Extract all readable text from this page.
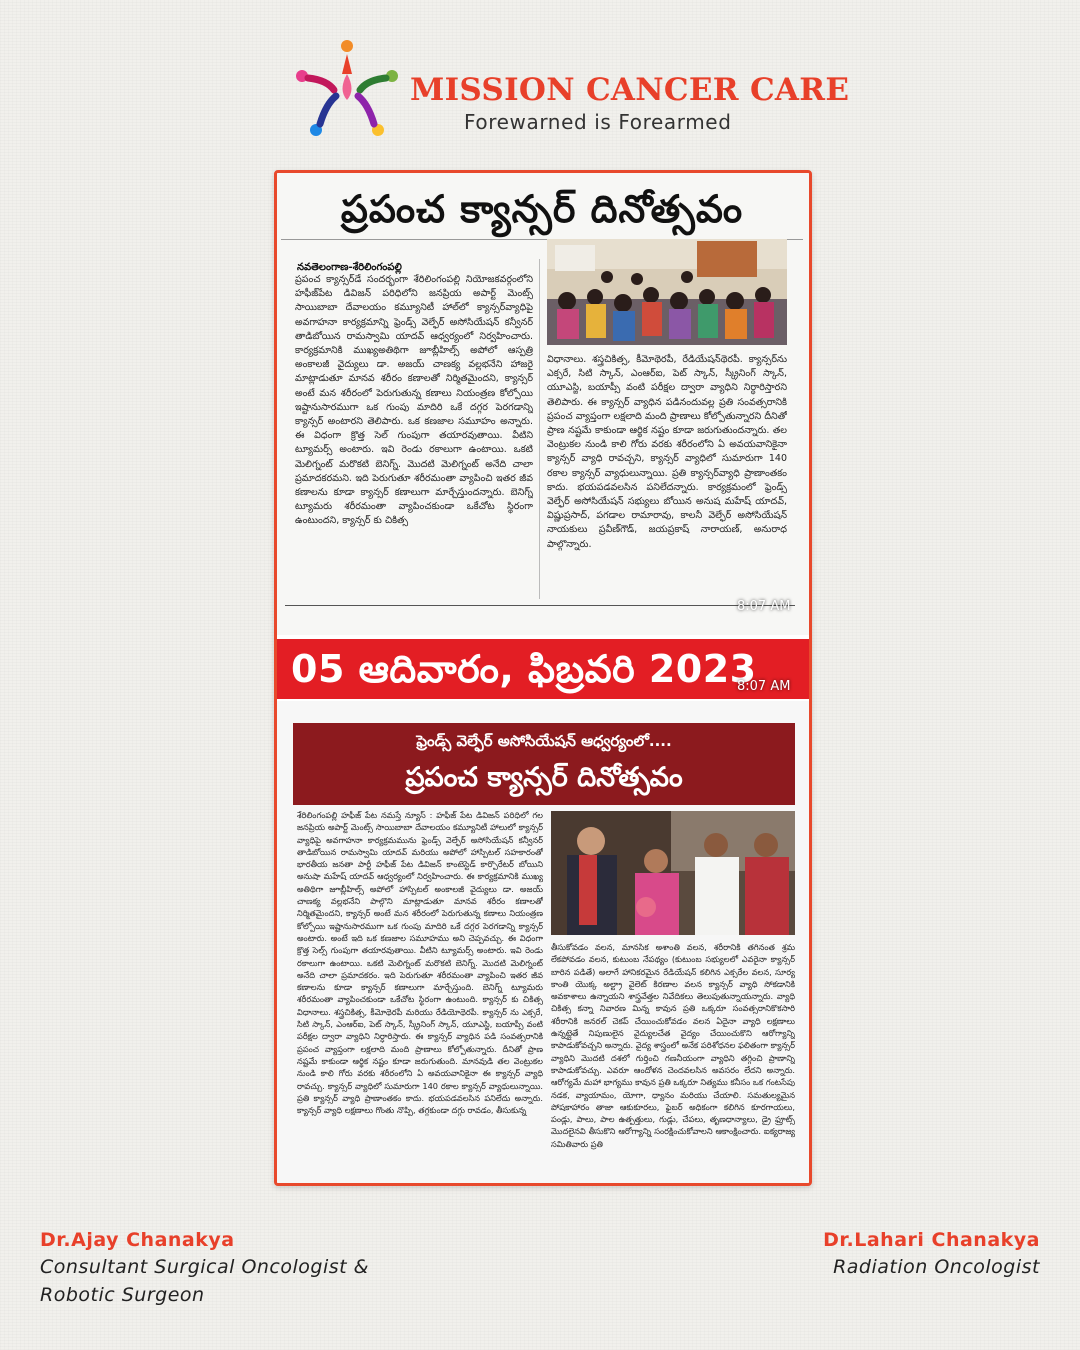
MISSION CANCER CARE
Forewarned is Forearmed
ప్రపంచ క్యాన్సర్ దినోత్సవం
నవతెలంగాణ-శేరిలింగంపల్లి
ప్రపంచ క్యాన్సర్‌డే సందర్భంగా శేరిలింగంపల్లి నియోజకవర్గంలోని హఫీజ్‌పేట డివిజన్ పరిధిలోని జనప్రియ అపార్ట్ మెంట్స్ సాయిబాబా దేవాలయం కమ్యూనిటీ హాల్‌లో క్యాన్సర్‌వ్యాధిపై అవగాహనా కార్యక్రమాన్ని ఫ్రెండ్స్ వెల్ఫేర్ అసోసియేషన్ కన్వీనర్ తాడిబోయిన రామస్వామి యాదవ్ ఆధ్వర్యంలో నిర్వహించారు. కార్యక్రమానికి ముఖ్యఅతిథిగా జూబ్లీహిల్స్ అపోలో ఆస్పత్రి అంకాలజీ వైద్యులు డా. అజయ్ చాణక్య వల్లభనేని హాజరై మాట్లాడుతూ మానవ శరీరం కణాలతో నిర్మితమైందని, క్యాన్సర్ అంటే మన శరీరంలో పెరుగుతున్న కణాలు నియంత్రణ కోల్పోయి ఇష్టానుసారముగా ఒక గుంపు మాదిరి ఒకే దగ్గర పెరగడాన్ని క్యాన్సర్ అంటారని తెలిపారు. ఒక కణజాల సమూహం అన్నారు. ఈ విధంగా క్రొత్త సెల్ గుంపుగా తయారవుతాయి. వీటిని ట్యూమర్స్ అంటారు. ఇవి రెండు రకాలుగా ఉంటాయి. ఒకటి మెలిగ్నంట్ మరొకటి బెనిగ్న్. మొదటి మెలిగ్నంట్ అనేది చాలా ప్రమాదకరమని. ఇది పెరుగుతూ శరీరమంతా వ్యాపించి ఇతర జీవ కణాలను కూడా క్యాన్సర్ కణాలుగా మార్చేస్తుందన్నారు. బెనిగ్న్ ట్యూమరు శరీరమంతా వ్యాపించకుండా ఒకేచోట స్థిరంగా ఉంటుందని, క్యాన్సర్ కు చికిత్స
విధానాలు. శస్త్రచికిత్స, కీమోథెరపీ, రేడియేషన్‌థెరపీ. క్యాన్సర్‌ను ఎక్సరే, సిటి స్కాన్, ఎంఆర్ఐ, పెట్ స్కాన్, స్క్రీనింగ్ స్కాన్, యూఎస్జి, బయాప్సీ వంటి పరీక్షల ద్వారా వ్యాధిని నిర్ధారిస్తారని తెలిపారు. ఈ క్యాన్సర్ వ్యాధిన పడినందువల్ల ప్రతి సంవత్సరానికి ప్రపంచ వ్యాప్తంగా లక్షలాది మంది ప్రాణాలు కోల్పోతున్నారని దీనితో ప్రాణ నష్టమే కాకుండా ఆర్థిక నష్టం కూడా జరుగుతుందన్నారు. తల వెంట్రుకల నుండి కాలి గోరు వరకు శరీరంలోని ఏ అవయవానికైనా క్యాన్సర్ వ్యాధి రావచ్చని, క్యాన్సర్ వ్యాధిలో సుమారుగా 140 రకాల క్యాన్సర్ వ్యాధులున్నాయి. ప్రతి క్యాన్సర్‌వ్యాధి ప్రాణాంతకం కాదు. భయపడవలసిన పనిలేదన్నారు. కార్యక్రమంలో ఫ్రెండ్స్ వెల్ఫేర్ అసోసియేషన్ సభ్యులు బోయిన అనుష మహేష్ యాదవ్, విష్ణుప్రసాద్, పగడాల రామారావు, కాలనీ వెల్ఫేర్ అసోసియేషన్ నాయకులు ప్రవీణ్‌గౌడ్, జయప్రకాష్ నారాయణ్, అనురాధ పాల్గొన్నారు.
8:07 AM
05 ఆదివారం, ఫిబ్రవరి 2023
8:07 AM
ఫ్రెండ్స్ వెల్ఫేర్ అసోసియేషన్ ఆధ్వర్యంలో....
ప్రపంచ క్యాన్సర్ దినోత్సవం
శేరిలింగంపల్లి హఫీజ్ పేట నమస్తే న్యూస్ : హఫీజ్ పేట డివిజన్ పరిధిలో గల జనప్రియ అపార్ట్ మెంట్స్ సాయిబాబా దేవాలయం కమ్యూనిటీ హాలులో క్యాన్సర్ వ్యాధిపై అవగాహనా కార్యక్రమమును ఫ్రెండ్స్ వెల్ఫేర్ అసోసియేషన్ కన్వీనర్ తాడిబోయిన రామస్వామి యాదవ్ మరియు అపోలో హాస్పిటల్ సహకారంతో భారతీయ జనతా పార్టీ హఫీజ్ పేట డివిజన్ కాంటెస్టెడ్ కార్పొరేటర్ బోయిని అనుషా మహేష్ యాదవ్ ఆధ్వర్యంలో నిర్వహించారు. ఈ కార్యక్రమానికి ముఖ్య అతిథిగా జూబ్లీహిల్స్ అపోలో హాస్పిటల్ అంకాలజీ వైద్యులు డా. అజయ్ చాణక్య వల్లభనేని పాల్గొని మాట్లాడుతూ మానవ శరీరం కణాలతో నిర్మితమైందని, క్యాన్సర్ అంటే మన శరీరంలో పెరుగుతున్న కణాలు నియంత్రణ కోల్పోయి ఇష్టానుసారముగా ఒక గుంపు మాదిరి ఒకే దగ్గర పెరగడాన్ని క్యాన్సర్ అంటారు. అంటే ఇది ఒక కణజాల సమూహము అని చెప్పవచ్చు. ఈ విధంగా క్రొత్త సెల్స్ గుంపుగా తయారవుతాయి. వీటిని ట్యూమర్స్ అంటారు. ఇవి రెండు రకాలుగా ఉంటాయి. ఒకటి మెలిగ్నంట్ మరొకటి బెనిగ్న్. మొదటి మెలిగ్నంట్ అనేది చాలా ప్రమాదకరం. ఇది పెరుగుతూ శరీరమంతా వ్యాపించి ఇతర జీవ కణాలను కూడా క్యాన్సర్ కణాలుగా మార్చేస్తుంది. బెనిగ్న్ ట్యూమరు శరీరమంతా వ్యాపించకుండా ఒకేచోట స్థిరంగా ఉంటుంది. క్యాన్సర్ కు చికిత్స విధానాలు. శస్త్రచికిత్స, కీమోథెరపీ మరియు రేడియోథెరపీ. క్యాన్సర్ ను ఎక్సరే, సిటి స్కాన్, ఎంఆర్ఐ, పెట్ స్కాన్, స్క్రీనింగ్ స్కాన్, యూఎస్జి, బయాప్సీ వంటి పరీక్షల ద్వారా వ్యాధిని నిర్ధారిస్తారు. ఈ క్యాన్సర్ వ్యాధిన పడి సంవత్సరానికి ప్రపంచ వ్యాప్తంగా లక్షలాది మంది ప్రాణాలు కోల్పోతున్నారు. దీనితో ప్రాణ నష్టమే కాకుండా ఆర్థిక నష్టం కూడా జరుగుతుంది. మానవుడి తల వెంట్రుకల నుండి కాలి గోరు వరకు శరీరంలోని ఏ అవయవానికైనా ఈ క్యాన్సర్ వ్యాధి రావచ్చు. క్యాన్సర్ వ్యాధిలో సుమారుగా 140 రకాల క్యాన్సర్ వ్యాధులున్నాయి. ప్రతి క్యాన్సర్ వ్యాధి ప్రాణాంతకం కాదు. భయపడవలసిన పనిలేదు అన్నారు. క్యాన్సర్ వ్యాధి లక్షణాలు గొంతు నొప్పి, తగ్గకుండా దగ్గు రావడం, తీసుకున్న
తీసుకోవడం వలన, మానసిక అశాంతి వలన, శరీరానికి తగినంత శ్రమ లేకపోవడం వలన, కుటుంబ నేపథ్యం (కుటుంబ సభ్యులలో ఎవరైనా క్యాన్సర్ బారిన పడితే) అలాగే హానికరమైన రేడియేషన్ కలిగిన ఎక్సరేల వలన, సూర్య కాంతి యొక్క అల్ట్రా వైలెట్ కిరణాల వలన క్యాన్సర్ వ్యాధి సోకడానికి అవకాశాలు ఉన్నాయని శాస్త్రవేత్తల నివేదికలు తెలుపుతున్నాయన్నారు. వ్యాధి చికిత్స కన్నా నివారణ మిన్న కావున ప్రతి ఒక్కరూ సంవత్సరానికొకసారి శరీరానికి జనరల్ చెకప్ చేయించుకోవడం వలన ఏదైనా వ్యాధి లక్షణాలు ఉన్నట్లైతే నిపుణులైన వైద్యులచేత వైద్యం చేయించుకొని ఆరోగ్యాన్ని కాపాడుకోవచ్చని అన్నారు. వైద్య శాస్త్రంలో అనేక పరిశోధనల ఫలితంగా క్యాన్సర్ వ్యాధిని మొదటి దశలో గుర్తించి గణనీయంగా వ్యాధిని తగ్గించి ప్రాణాన్ని కాపాడుకోవచ్చు. ఎవరూ ఆందోళన చెందవలసిన అవసరం లేదని అన్నారు. ఆరోగ్యమే మహా భాగ్యము కావున ప్రతి ఒక్కరూ నిత్యము కనీసం ఒక గంటసేపు నడక, వ్యాయామం, యోగా, ధ్యానం మరియు చేయాలి. సమతుల్యమైన పోషకాహారం తాజా ఆకుకూరలు, ఫైబర్ అధికంగా కలిగిన కూరగాయలు, పండ్లు, పాలు, పాల ఉత్పత్తులు, గుడ్లు, చేపలు, తృణధాన్యాలు, డ్రై ఫ్రూట్స్ మొదలైనవి తీసుకొని ఆరోగ్యాన్ని సంరక్షించుకోవాలని ఆకాంక్షించారు. ఐక్యరాజ్య సమితివారు ప్రతి
Dr.Ajay Chanakya
Consultant Surgical Oncologist & Robotic Surgeon
Dr.Lahari Chanakya
Radiation Oncologist
